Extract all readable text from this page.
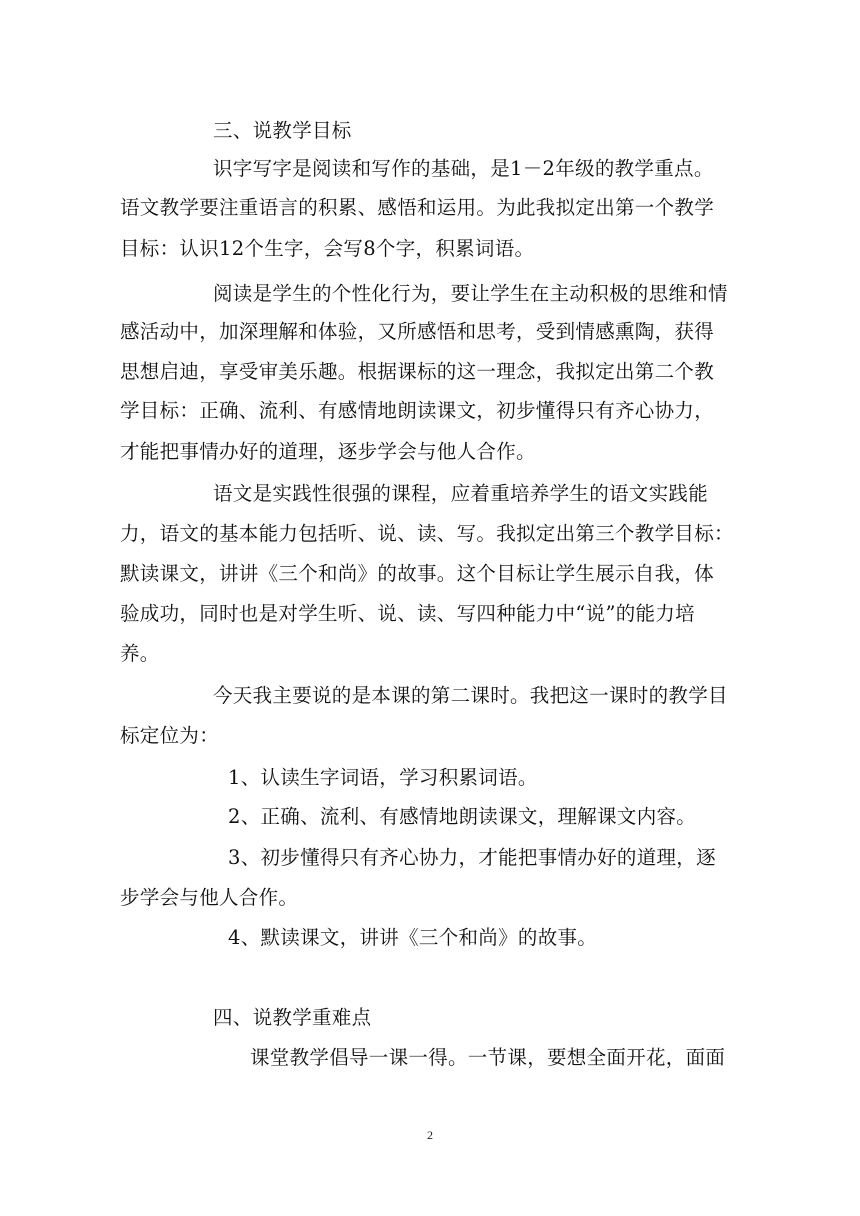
三、说教学目标
识字写字是阅读和写作的基础，是1－2年级的教学重点。
语文教学要注重语言的积累、感悟和运用。为此我拟定出第一个教学
目标：认识12个生字，会写8个字，积累词语。
阅读是学生的个性化行为，要让学生在主动积极的思维和情
感活动中，加深理解和体验，又所感悟和思考，受到情感熏陶，获得
思想启迪，享受审美乐趣。根据课标的这一理念，我拟定出第二个教
学目标：正确、流利、有感情地朗读课文，初步懂得只有齐心协力，
才能把事情办好的道理，逐步学会与他人合作。
语文是实践性很强的课程，应着重培养学生的语文实践能
力，语文的基本能力包括听、说、读、写。我拟定出第三个教学目标：
默读课文，讲讲《三个和尚》的故事。这个目标让学生展示自我，体
验成功，同时也是对学生听、说、读、写四种能力中“说”的能力培
养。
今天我主要说的是本课的第二课时。我把这一课时的教学目
标定位为：
1、认读生字词语，学习积累词语。
2、正确、流利、有感情地朗读课文，理解课文内容。
3、初步懂得只有齐心协力，才能把事情办好的道理，逐
步学会与他人合作。
4、默读课文，讲讲《三个和尚》的故事。
四、说教学重难点
课堂教学倡导一课一得。一节课，要想全面开花，面面
2
